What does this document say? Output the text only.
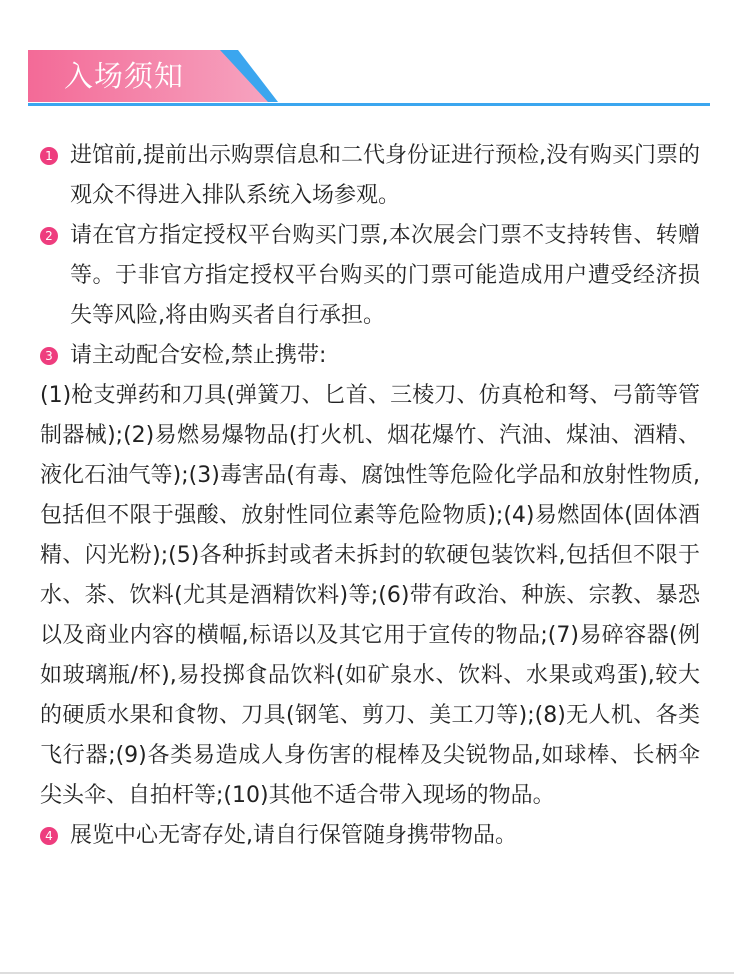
入场须知
1 进馆前,提前出示购票信息和二代身份证进行预检,没有购买门票的观众不得进入排队系统入场参观。
2 请在官方指定授权平台购买门票,本次展会门票不支持转售、转赠等。于非官方指定授权平台购买的门票可能造成用户遭受经济损失等风险,将由购买者自行承担。
3 请主动配合安检,禁止携带:
(1)枪支弹药和刀具(弹簧刀、匕首、三棱刀、仿真枪和弩、弓箭等管制器械);(2)易燃易爆物品(打火机、烟花爆竹、汽油、煤油、酒精、液化石油气等);(3)毒害品(有毒、腐蚀性等危险化学品和放射性物质,包括但不限于强酸、放射性同位素等危险物质);(4)易燃固体(固体酒精、闪光粉);(5)各种拆封或者未拆封的软硬包装饮料,包括但不限于水、茶、饮料(尤其是酒精饮料)等;(6)带有政治、种族、宗教、暴恐以及商业内容的横幅,标语以及其它用于宣传的物品;(7)易碎容器(例如玻璃瓶/杯),易投掷食品饮料(如矿泉水、饮料、水果或鸡蛋),较大的硬质水果和食物、刀具(钢笔、剪刀、美工刀等);(8)无人机、各类飞行器;(9)各类易造成人身伤害的棍棒及尖锐物品,如球棒、长柄伞尖头伞、自拍杆等;(10)其他不适合带入现场的物品。
4 展览中心无寄存处,请自行保管随身携带物品。
